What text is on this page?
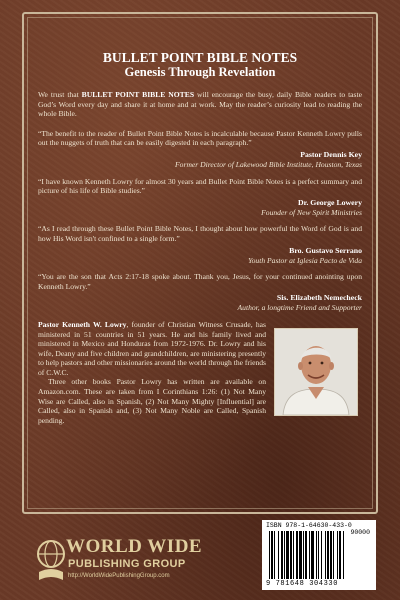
BULLET POINT BIBLE NOTES
Genesis Through Revelation

We trust that BULLET POINT BIBLE NOTES will encourage the busy, daily Bible readers to taste God’s Word every day and share it at home and at work. May the reader’s curiosity lead to reading the whole Bible.

“The benefit to the reader of Bullet Point Bible Notes is incalculable because Pastor Kenneth Lowry pulls out the nuggets of truth that can be easily digested in each paragraph.”

Pastor Dennis Key
Former Director of Lakewood Bible Institute, Houston, Texas

“I have known Kenneth Lowry for almost 30 years and Bullet Point Bible Notes is a perfect summary and picture of his life of Bible studies.”

Dr. George Lowery
Founder of New Spirit Ministries

“As I read through these Bullet Point Bible Notes, I thought about how powerful the Word of God is and how His Word isn't confined to a single form.”

Bro. Gustavo Serrano
Youth Pastor at Iglesia Pacto de Vida

“You are the son that Acts 2:17-18 spoke about. Thank you, Jesus, for your continued anointing upon Kenneth Lowry.”

Sis. Elizabeth Nemecheck
Author, a longtime Friend and Supporter

Pastor Kenneth W. Lowry, founder of Christian Witness Crusade, has ministered in 51 countries in 51 years. He and his family lived and ministered in Mexico and Honduras from 1972-1976. Dr. Lowry and his wife, Deany and five children and grandchildren, are ministering presently to help pastors and other missionaries around the world through the friends of C.W.C.

Three other books Pastor Lowry has written are available on Amazon.com. These are taken from I Corinthians 1:26: (1) Not Many Wise are Called, also in Spanish, (2) Not Many Mighty [Influential] are Called, also in Spanish and, (3) Not Many Noble are Called, Spanish pending.

WORLD WIDE
PUBLISHING GROUP
http://WorldWidePublishingGroup.com
ISBN 978-1-64630-433-0
90000
9 781648 304330
